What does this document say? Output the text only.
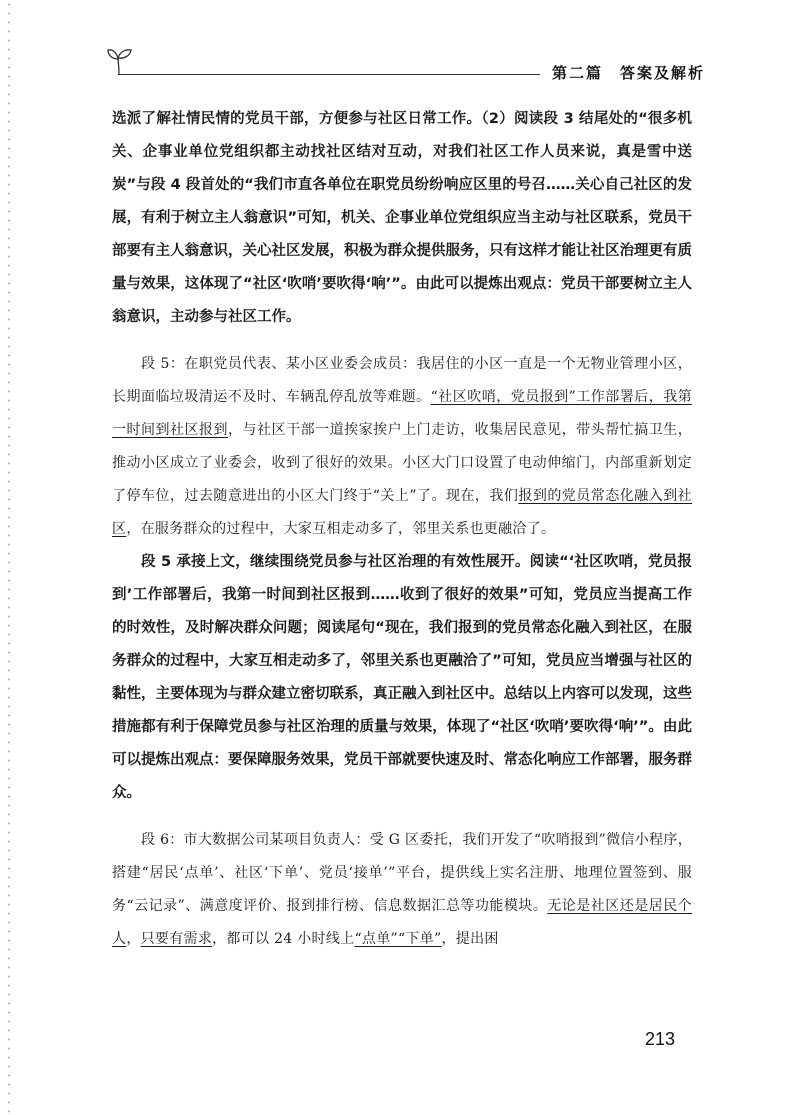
第二篇　答案及解析

选派了解社情民情的党员干部，方便参与社区日常工作。（2）阅读段 3 结尾处的“很多机关、企事业单位党组织都主动找社区结对互动，对我们社区工作人员来说，真是雪中送炭”与段 4 段首处的“我们市直各单位在职党员纷纷响应区里的号召……关心自己社区的发展，有利于树立主人翁意识”可知，机关、企事业单位党组织应当主动与社区联系，党员干部要有主人翁意识，关心社区发展，积极为群众提供服务，只有这样才能让社区治理更有质量与效果，这体现了“社区‘吹哨’要吹得‘响’”。由此可以提炼出观点：党员干部要树立主人翁意识，主动参与社区工作。

段 5：在职党员代表、某小区业委会成员：我居住的小区一直是一个无物业管理小区，长期面临垃圾清运不及时、车辆乱停乱放等难题。“社区吹哨，党员报到”工作部署后，我第一时间到社区报到，与社区干部一道挨家挨户上门走访，收集居民意见，带头帮忙搞卫生，推动小区成立了业委会，收到了很好的效果。小区大门口设置了电动伸缩门，内部重新划定了停车位，过去随意进出的小区大门终于“关上”了。现在，我们报到的党员常态化融入到社区，在服务群众的过程中，大家互相走动多了，邻里关系也更融洽了。

段 5 承接上文，继续围绕党员参与社区治理的有效性展开。阅读“‘社区吹哨，党员报到’工作部署后，我第一时间到社区报到……收到了很好的效果”可知，党员应当提高工作的时效性，及时解决群众问题；阅读尾句“现在，我们报到的党员常态化融入到社区，在服务群众的过程中，大家互相走动多了，邻里关系也更融洽了”可知，党员应当增强与社区的黏性，主要体现为与群众建立密切联系，真正融入到社区中。总结以上内容可以发现，这些措施都有利于保障党员参与社区治理的质量与效果，体现了“社区‘吹哨’要吹得‘响’”。由此可以提炼出观点：要保障服务效果，党员干部就要快速及时、常态化响应工作部署，服务群众。

段 6：市大数据公司某项目负责人：受 G 区委托，我们开发了“吹哨报到”微信小程序，搭建“居民‘点单’、社区‘下单’、党员‘接单’”平台，提供线上实名注册、地理位置签到、服务“云记录”、满意度评价、报到排行榜、信息数据汇总等功能模块。无论是社区还是居民个人，只要有需求，都可以 24 小时线上“点单”“下单”，提出困

213
